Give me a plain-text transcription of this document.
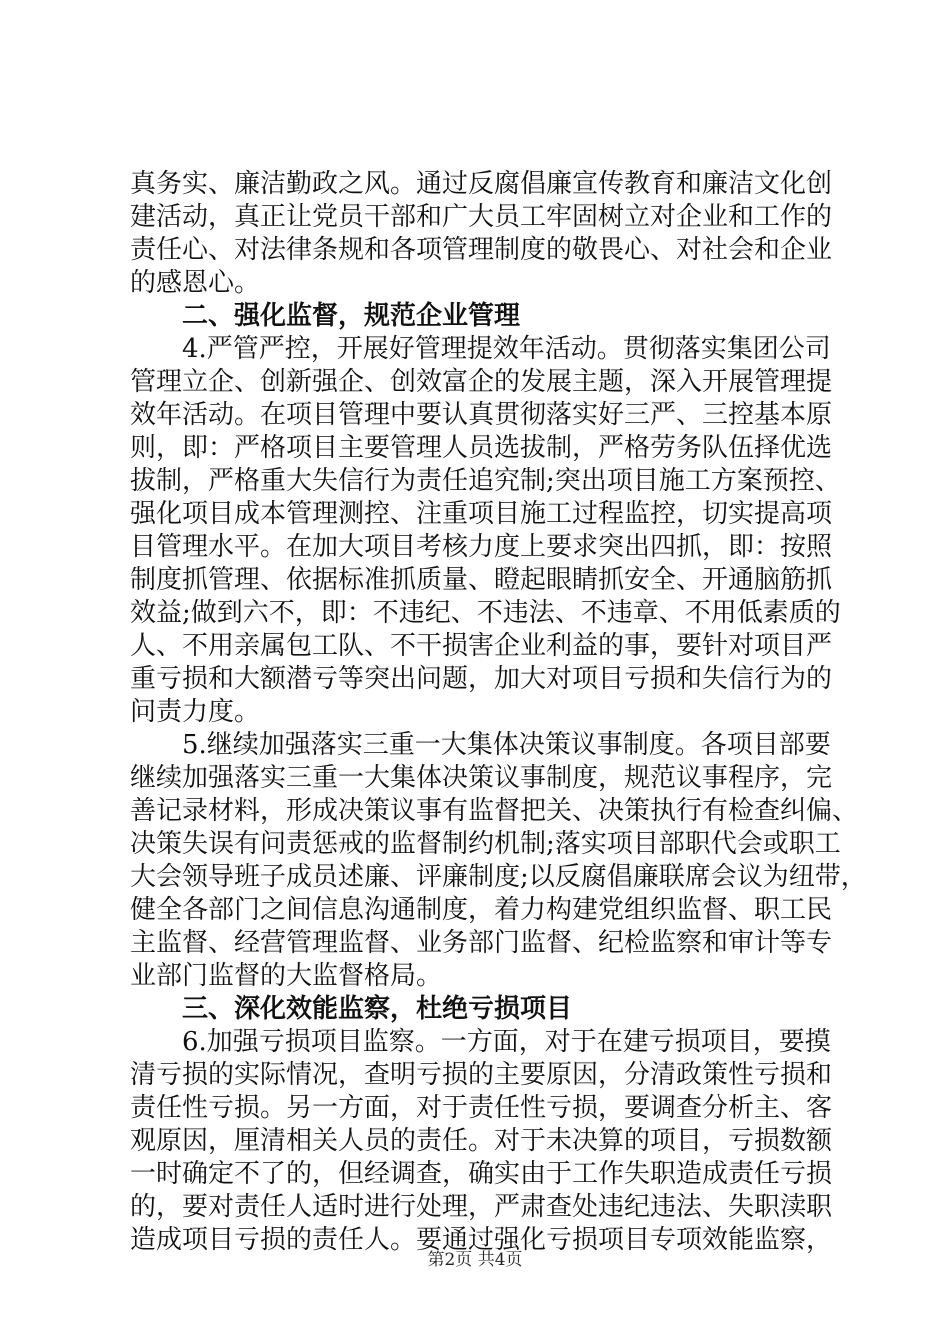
真务实、廉洁勤政之风。通过反腐倡廉宣传教育和廉洁文化创
建活动，真正让党员干部和广大员工牢固树立对企业和工作的
责任心、对法律条规和各项管理制度的敬畏心、对社会和企业
的感恩心。
二、强化监督，规范企业管理
　　4.严管严控，开展好管理提效年活动。贯彻落实集团公司
管理立企、创新强企、创效富企的发展主题，深入开展管理提
效年活动。在项目管理中要认真贯彻落实好三严、三控基本原
则，即：严格项目主要管理人员选拔制，严格劳务队伍择优选
拔制，严格重大失信行为责任追究制;突出项目施工方案预控、
强化项目成本管理测控、注重项目施工过程监控，切实提高项
目管理水平。在加大项目考核力度上要求突出四抓，即：按照
制度抓管理、依据标准抓质量、瞪起眼睛抓安全、开通脑筋抓
效益;做到六不，即：不违纪、不违法、不违章、不用低素质的
人、不用亲属包工队、不干损害企业利益的事，要针对项目严
重亏损和大额潜亏等突出问题，加大对项目亏损和失信行为的
问责力度。
　　5.继续加强落实三重一大集体决策议事制度。各项目部要
继续加强落实三重一大集体决策议事制度，规范议事程序，完
善记录材料，形成决策议事有监督把关、决策执行有检查纠偏、
决策失误有问责惩戒的监督制约机制;落实项目部职代会或职工
大会领导班子成员述廉、评廉制度;以反腐倡廉联席会议为纽带，
健全各部门之间信息沟通制度，着力构建党组织监督、职工民
主监督、经营管理监督、业务部门监督、纪检监察和审计等专
业部门监督的大监督格局。
三、深化效能监察，杜绝亏损项目
　　6.加强亏损项目监察。一方面，对于在建亏损项目，要摸
清亏损的实际情况，查明亏损的主要原因，分清政策性亏损和
责任性亏损。另一方面，对于责任性亏损，要调查分析主、客
观原因，厘清相关人员的责任。对于未决算的项目，亏损数额
一时确定不了的，但经调查，确实由于工作失职造成责任亏损
的，要对责任人适时进行处理，严肃查处违纪违法、失职渎职
造成项目亏损的责任人。要通过强化亏损项目专项效能监察，
第2页 共4页
